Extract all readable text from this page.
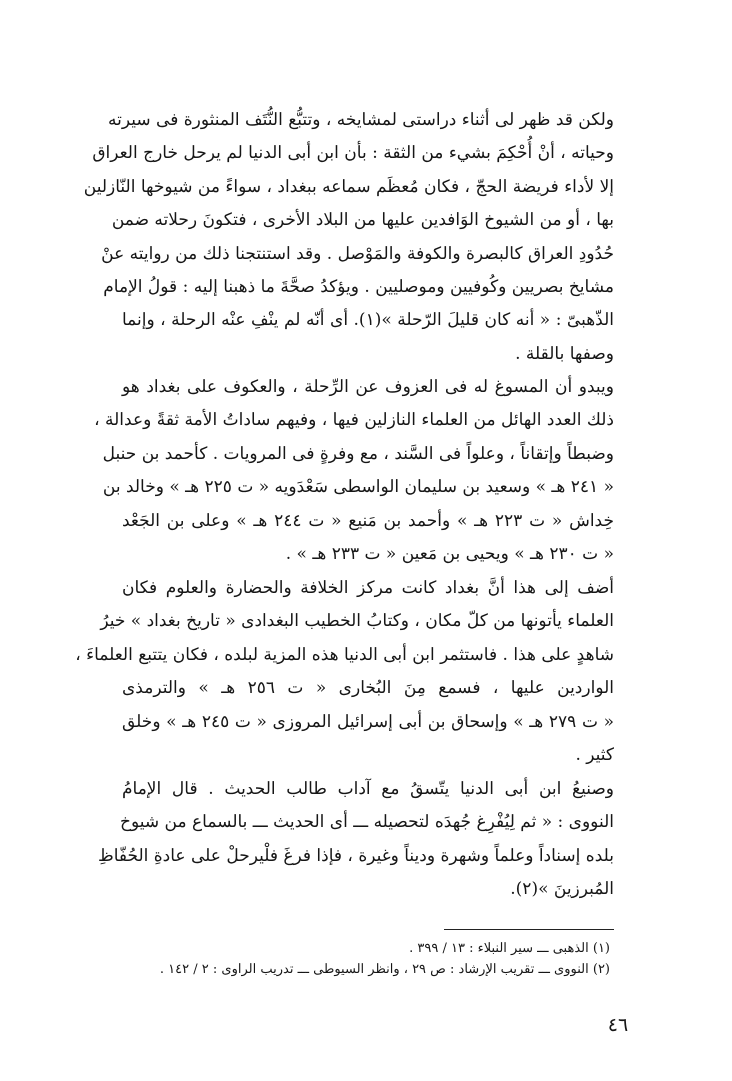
ولكن قد ظهر لى أثناء دراستى لمشايخه ، وتتبُّع النُّتَف المنثورة فى سيرته
وحياته ، أنْ أُحْكِمَ بشيء من الثقة : بأن ابن أبى الدنيا لم يرحل خارج العراق
إلا لأداء فريضة الحجّ ، فكان مُعظَم سماعه ببغداد ، سواءً من شيوخها النّازلين
بها ، أو من الشيوخ الوَافدين عليها من البلاد الأخرى ، فتكونَ رحلاته ضمن
حُدُودِ العراق كالبصرة والكوفة والمَوْصل . وقد استنتجنا ذلك من روايته عنْ
مشايخ بصريين وكُوفيين وموصليين . ويؤكدُ صحَّةَ ما ذهبنا إليه : قولُ الإمام
الذّهبىّ : « أنه كان قليلَ الرّحلة »(١). أى أنّه لم ينْفِ عنْه الرحلة ، وإنما
وصفها بالقلة .
ويبدو أن المسوغ له فى العزوف عن الرِّحلة ، والعكوف على بغداد هو
ذلك العدد الهائل من العلماء النازلين فيها ، وفيهم ساداتُ الأمة ثقةً وعدالة ،
وضبطاً وإتقاناً ، وعلواً فى السَّند ، مع وفرةٍ فى المرويات . كأحمد بن حنبل
« ٢٤١ هـ » وسعيد بن سليمان الواسطى سَعْدَويه « ت ٢٢٥ هـ » وخالد بن
خِداش « ت ٢٢٣ هـ » وأحمد بن مَنيع « ت ٢٤٤ هـ » وعلى بن الجَعْد
« ت ٢٣٠ هـ » ويحيى بن مَعين « ت ٢٣٣ هـ » .
أضف إلى هذا أنَّ بغداد كانت مركز الخلافة والحضارة والعلوم فكان
العلماء يأتونها من كلّ مكان ، وكتابُ الخطيب البغدادى « تاريخ بغداد » خيرُ
شاهدٍ على هذا . فاستثمر ابن أبى الدنيا هذه المزية لبلده ، فكان يتتبع العلماءَ ،
الواردين عليها ، فسمع مِنَ البُخارى « ت ٢٥٦ هـ » والترمذى
« ت ٢٧٩ هـ » وإسحاق بن أبى إسرائيل المروزى « ت ٢٤٥ هـ » وخلق
كثير .
وصنيعُ ابن أبى الدنيا يتّسقُ مع آداب طالب الحديث . قال الإمامُ
النووى : « ثم لِيُفْرِغ جُهدَه لتحصيله ـــ أى الحديث ـــ بالسماع من شيوخ
بلده إسناداً وعلماً وشهرة وديناً وغيرة ، فإذا فرغَ فلْيرحلْ على عادةِ الحُفّاظِ
المُبرزينَ »(٢).
(١) الذهبى ـــ سير النبلاء : ١٣ / ٣٩٩ .
(٢) النووى ـــ تقريب الإرشاد : ص ٢٩ ، وانظر السيوطى ـــ تدريب الراوى : ٢ / ١٤٢ .
٤٦
